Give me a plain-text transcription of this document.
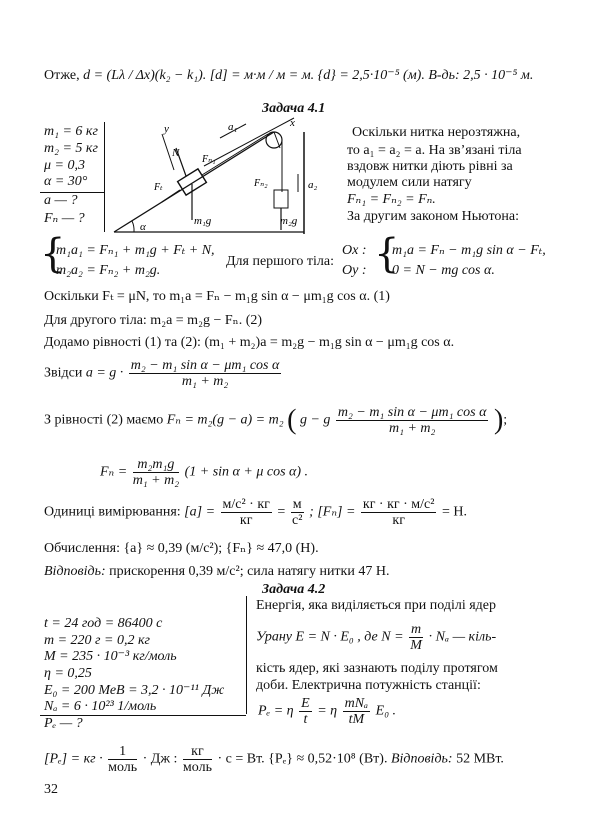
Отже, d = (Lλ / Δx)(k₂ − k₁). [d] = м·м / м = м. {d} = 2,5·10⁻⁵ (м). В-дь: 2,5 · 10⁻⁵ м.
Задача 4.1
m₁ = 6 кг
m₂ = 5 кг
μ = 0,3
α = 30°
a — ?
Fₙ — ?
α
y	x
a₁
N
Fₙ₁
Fₜ
m₁g
Fₙ₂	a₂
m₂g
Оскільки нитка нерозтяжна,
то a₁ = a₂ = a. На зв’язані тіла
вздовж нитки діють рівні за
модулем сили натягу
Fₙ₁ = Fₙ₂ = Fₙ.
За другим законом Ньютона:
{
m₁a₁ = Fₙ₁ + m₁g + Fₜ + N,
m₂a₂ = Fₙ₂ + m₂g.
Для першого тіла:
Ox :
Oy : {
m₁a = Fₙ − m₁g sin α − Fₜ,
0 = N − mg cos α.
Оскільки Fₜ = μN, то m₁a = Fₙ − m₁g sin α − μm₁g cos α. (1)
Для другого тіла: m₂a = m₂g − Fₙ. (2)
Додамо рівності (1) та (2): (m₁ + m₂)a = m₂g − m₁g sin α − μm₁g cos α.
Звідси $a = g \cdot \frac{\text{m₂ − m₁ sin α − μm₁ cos α}}{\text{m₁ + m₂}}$
З рівності (2) маємо Fₙ = m₂(g − a) = m₂ ( g − g $\frac{\text{m₂ − m₁ sin α − μm₁ cos α}}{\text{m₁ + m₂}}$ );
$F_n = \frac{\text{m₂m₁g}}{\text{m₁ + m₂}} (1 + \sin \alpha + \mu$ cos α) .
Одиниці вимірювання: $[a] = \frac{\text{м/с² · кг}}{кг} = \frac{м}{\text{с²}}$ ; $[F_n] = \frac{\text{кг · кг · м/с²}}{кг} = Н$.
Обчислення: {a} ≈ 0,39 (м/с²); {Fₙ} ≈ 47,0 (Н).
Відповідь: прискорення 0,39 м/с²; сила натягу нитки 47 Н.
Задача 4.2
t = 24 год = 86400 с
m = 220 г = 0,2 кг
M = 235 · 10⁻³ кг/моль
η = 0,25
E₀ = 200 МеВ = 3,2 · 10⁻¹¹ Дж
Nₐ = 6 · 10²³ 1/моль
Pₑ — ?
Енергія, яка виділяється при поділі ядер
Урану E = N · E₀ , де $N = \frac{m}{M} \cdot N_a$ — кіль-
кість ядер, які зазнають поділу протягом
доби. Електрична потужність станції:
Pₑ = η $\frac{E}{t} = \eta \frac{\text{mNₐ}}{tM} E_0$ .
[Pₑ] = кг · $\frac{1}{\text{моль}}$ · Дж : $\frac{кг}{\text{моль}} \cdot с$ = Вт. {Pₑ} ≈ 0,52·10⁸ (Вт). Відповідь: 52 МВт.
32
